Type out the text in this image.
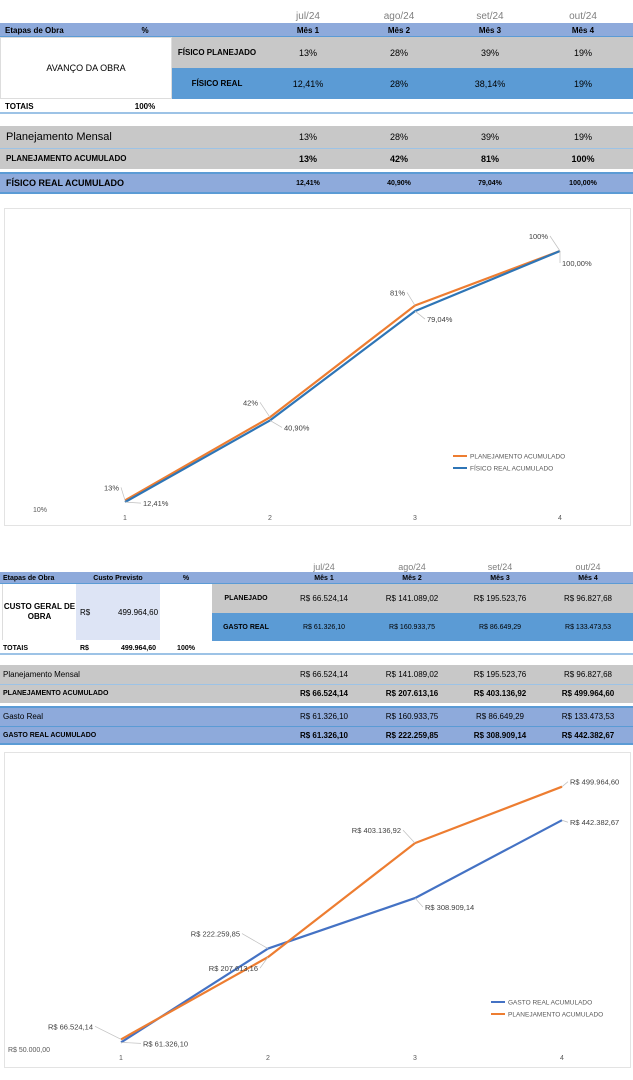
jul/24	ago/24	set/24	out/24
Etapas de Obra	%	Mês 1	Mês 2	Mês 3	Mês 4
AVANÇO DA OBRA
FÍSICO PLANEJADO	13%	28%	39%	19%
FÍSICO REAL	12,41%	28%	38,14%	19%
TOTAIS	100%
Planejamento Mensal	13%	28%	39%	19%
PLANEJAMENTO ACUMULADO	13%	42%	81%	100%
FÍSICO REAL ACUMULADO	12,41%	40,90%	79,04%	100,00%
10%
1	2	3	4
13%
42%
81%
100%
12,41%
40,90%
79,04%
100,00%
PLANEJAMENTO ACUMULADO
FÍSICO REAL ACUMULADO
jul/24	ago/24	set/24	out/24
Etapas de Obra	Custo Previsto	%	Mês 1	Mês 2	Mês 3	Mês 4
CUSTO GERAL DE OBRA	R$	499.964,60
PLANEJADO	R$ 66.524,14	R$ 141.089,02	R$ 195.523,76	R$ 96.827,68
GASTO REAL	R$ 61.326,10	R$ 160.933,75	R$ 86.649,29	R$ 133.473,53
TOTAIS	R$	499.964,60	100%
Planejamento Mensal	R$ 66.524,14	R$ 141.089,02	R$ 195.523,76	R$ 96.827,68
PLANEJAMENTO ACUMULADO	R$ 66.524,14	R$ 207.613,16	R$ 403.136,92	R$ 499.964,60
Gasto Real	R$ 61.326,10	R$ 160.933,75	R$ 86.649,29	R$ 133.473,53
GASTO REAL ACUMULADO	R$ 61.326,10	R$ 222.259,85	R$ 308.909,14	R$ 442.382,67
R$ 50.000,00
1	2	3	4
R$ 61.326,10
R$ 222.259,85
R$ 308.909,14
R$ 442.382,67
R$ 66.524,14
R$ 207.613,16
R$ 403.136,92
R$ 499.964,60
GASTO REAL ACUMULADO
PLANEJAMENTO ACUMULADO
